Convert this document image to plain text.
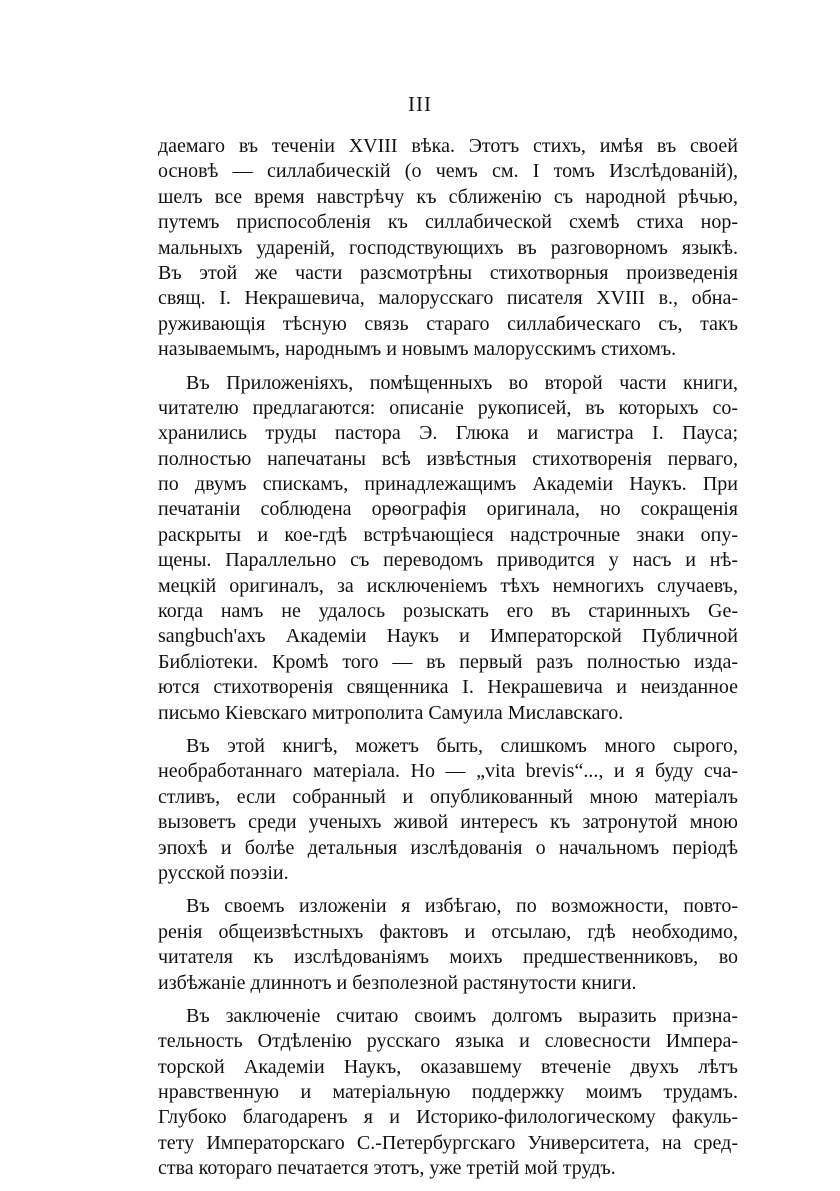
III
даемаго въ теченіи XVIII вѣка. Этотъ стихъ, имѣя въ своей
основѣ — силлабическій (о чемъ см. I томъ Изслѣдованій),
шелъ все время навстрѣчу къ сближенію съ народной рѣчью,
путемъ приспособленія къ силлабической схемѣ стиха нор-
мальныхъ удареній, господствующихъ въ разговорномъ языкѣ.
Въ этой же части разсмотрѣны стихотворныя произведенія
свящ. I. Некрашевича, малорусскаго писателя XVIII в., обна-
руживающія тѣсную связь старaго силлабическаго съ, такъ
называемымъ, народнымъ и новымъ малорусскимъ стихомъ.
Въ Приложеніяхъ, помѣщенныхъ во второй части книги,
читателю предлагаются: описаніе рукописей, въ которыхъ со-
хранились труды пастора Э. Глюка и магистра I. Пауса;
полностью напечатаны всѣ извѣстныя стихотворенія перваго,
по двумъ спискамъ, принадлежащимъ Академіи Наукъ. При
печатаніи соблюдена орѳографія оригинала, но сокращенія
раскрыты и кое-гдѣ встрѣчающіеся надстрочные знаки опу-
щены. Параллельно съ переводомъ приводится у насъ и нѣ-
мецкій оригиналъ, за исключеніемъ тѣхъ немногихъ случаевъ,
когда намъ не удалось розыскать его въ старинныхъ Ge-
sangbuch'ахъ Академіи Наукъ и Императорской Публичной
Библіотеки. Кромѣ того — въ первый разъ полностью изда-
ются стихотворенія священника I. Некрашевича и неизданное
письмо Кіевскаго митрополита Самуила Миславскаго.
Въ этой книгѣ, можетъ быть, слишкомъ много сырого,
необработаннаго матеріала. Но — „vita brevis“..., и я буду сча-
стливъ, если собранный и опубликованный мною матеріалъ
вызоветъ среди ученыхъ живой интересъ къ затронутой мною
эпохѣ и болѣе детальныя изслѣдованія о начальномъ періодѣ
русской поэзіи.
Въ своемъ изложеніи я избѣгаю, по возможности, повто-
ренія общеизвѣстныхъ фактовъ и отсылаю, гдѣ необходимо,
читателя къ изслѣдованіямъ моихъ предшественниковъ, во
избѣжаніе длиннотъ и безполезной растянутости книги.
Въ заключеніе считаю своимъ долгомъ выразить призна-
тельность Отдѣленію русскаго языка и словесности Импера-
торской Академіи Наукъ, оказавшему втеченіе двухъ лѣтъ
нравственную и матеріальную поддержку моимъ трудамъ.
Глубоко благодаренъ я и Историко-филологическому факуль-
тету Императорскаго С.-Петербургскаго Университета, на сред-
ства котораго печатается этотъ, уже третій мой трудъ.
